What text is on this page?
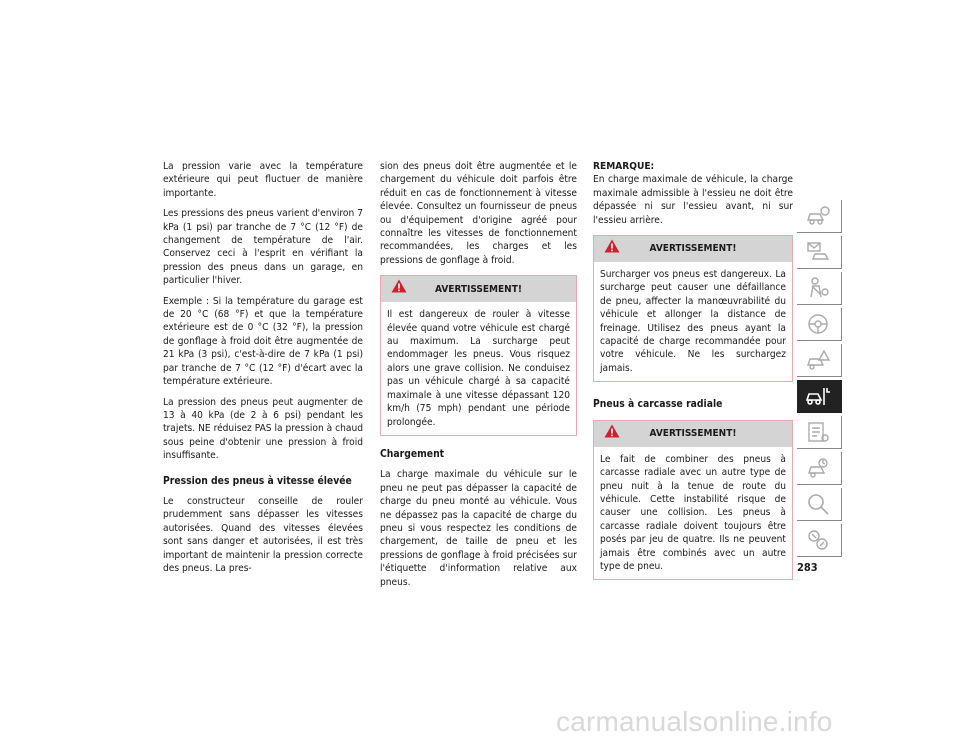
La pression varie avec la température extérieure qui peut fluctuer de manière importante.

Les pressions des pneus varient d'environ 7 kPa (1 psi) par tranche de 7 °C (12 °F) de changement de température de l'air. Conservez ceci à l'esprit en vérifiant la pression des pneus dans un garage, en particulier l'hiver.

Exemple : Si la température du garage est de 20 °C (68 °F) et que la température extérieure est de 0 °C (32 °F), la pression de gonflage à froid doit être augmentée de 21 kPa (3 psi), c'est-à-dire de 7 kPa (1 psi) par tranche de 7 °C (12 °F) d'écart avec la température extérieure.

La pression des pneus peut augmenter de 13 à 40 kPa (de 2 à 6 psi) pendant les trajets. NE réduisez PAS la pression à chaud sous peine d'obtenir une pression à froid insuffisante.

Pression des pneus à vitesse élevée

Le constructeur conseille de rouler prudemment sans dépasser les vitesses autorisées. Quand des vitesses élevées sont sans danger et autorisées, il est très important de maintenir la pression correcte des pneus. La pres-

sion des pneus doit être augmentée et le chargement du véhicule doit parfois être réduit en cas de fonctionnement à vitesse élevée. Consultez un fournisseur de pneus ou d'équipement d'origine agréé pour connaître les vitesses de fonctionnement recommandées, les charges et les pressions de gonflage à froid.

AVERTISSEMENT!
Il est dangereux de rouler à vitesse élevée quand votre véhicule est chargé au maximum. La surcharge peut endommager les pneus. Vous risquez alors une grave collision. Ne conduisez pas un véhicule chargé à sa capacité maximale à une vitesse dépassant 120 km/h (75 mph) pendant une période prolongée.
Chargement

La charge maximale du véhicule sur le pneu ne peut pas dépasser la capacité de charge du pneu monté au véhicule. Vous ne dépassez pas la capacité de charge du pneu si vous respectez les conditions de chargement, de taille de pneu et les pressions de gonflage à froid précisées sur l'étiquette d'information relative aux pneus.

REMARQUE:

En charge maximale de véhicule, la charge maximale admissible à l'essieu ne doit être dépassée ni sur l'essieu avant, ni sur l'essieu arrière.

AVERTISSEMENT!
Surcharger vos pneus est dangereux. La surcharge peut causer une défaillance de pneu, affecter la manœuvrabilité du véhicule et allonger la distance de freinage. Utilisez des pneus ayant la capacité de charge recommandée pour votre véhicule. Ne les surchargez jamais.
Pneus à carcasse radiale
AVERTISSEMENT!
Le fait de combiner des pneus à carcasse radiale avec un autre type de pneu nuit à la tenue de route du véhicule. Cette instabilité risque de causer une collision. Les pneus à carcasse radiale doivent toujours être posés par jeu de quatre. Ils ne peuvent jamais être combinés avec un autre type de pneu.	283
carmanualsonline.info
